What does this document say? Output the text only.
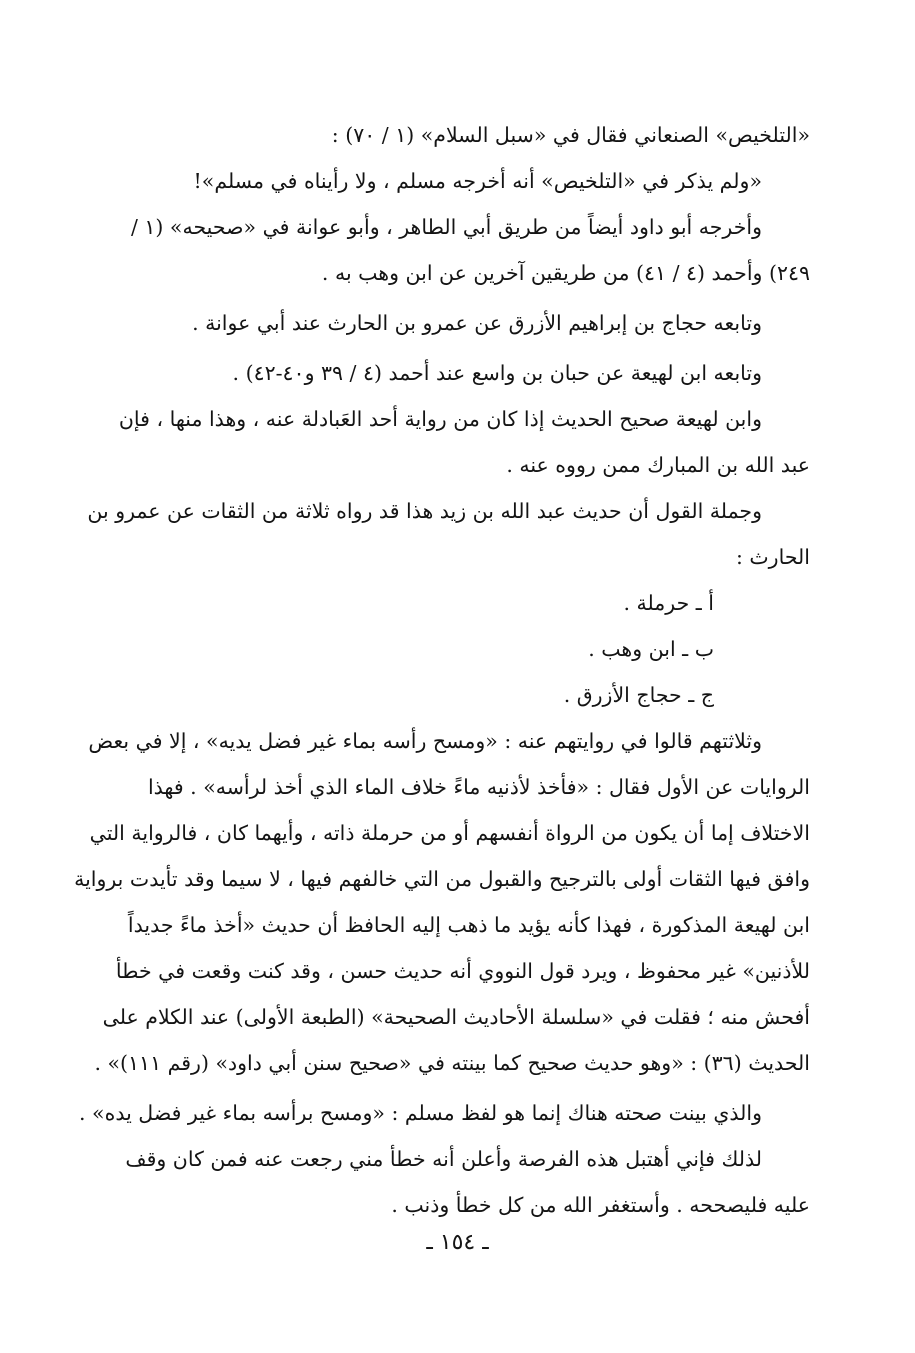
«التلخيص» الصنعاني فقال في «سبل السلام» (١ / ٧٠) :
«ولم يذكر في «التلخيص» أنه أخرجه مسلم ، ولا رأيناه في مسلم»!
وأخرجه أبو داود أيضاً من طريق أبي الطاهر ، وأبو عوانة في «صحيحه» (١ /
٢٤٩) وأحمد (٤ / ٤١) من طريقين آخرين عن ابن وهب به .
وتابعه حجاج بن إبراهيم الأزرق عن عمرو بن الحارث عند أبي عوانة .
وتابعه ابن لهيعة عن حبان بن واسع عند أحمد (٤ / ٣٩ و٤٠-٤٢) .
وابن لهيعة صحيح الحديث إذا كان من رواية أحد العَبادلة عنه ، وهذا منها ، فإن
عبد الله بن المبارك ممن رووه عنه .
وجملة القول أن حديث عبد الله بن زيد هذا قد رواه ثلاثة من الثقات عن عمرو بن
الحارث :
أ ـ حرملة .
ب ـ ابن وهب .
ج ـ حجاج الأزرق .
وثلاثتهم قالوا في روايتهم عنه : «ومسح رأسه بماء غير فضل يديه» ، إلا في بعض
الروايات عن الأول فقال : «فأخذ لأذنيه ماءً خلاف الماء الذي أخذ لرأسه» . فهذا
الاختلاف إما أن يكون من الرواة أنفسهم أو من حرملة ذاته ، وأيهما كان ، فالرواية التي
وافق فيها الثقات أولى بالترجيح والقبول من التي خالفهم فيها ، لا سيما وقد تأيدت برواية
ابن لهيعة المذكورة ، فهذا كأنه يؤيد ما ذهب إليه الحافظ أن حديث «أخذ ماءً جديداً
للأذنين» غير محفوظ ، ويرد قول النووي أنه حديث حسن ، وقد كنت وقعت في خطأ
أفحش منه ؛ فقلت في «سلسلة الأحاديث الصحيحة» (الطبعة الأولى) عند الكلام على
الحديث (٣٦) : «وهو حديث صحيح كما بينته في «صحيح سنن أبي داود» (رقم ١١١)» .
والذي بينت صحته هناك إنما هو لفظ مسلم : «ومسح برأسه بماء غير فضل يده» .
لذلك فإني أهتبل هذه الفرصة وأعلن أنه خطأ مني رجعت عنه فمن كان وقف
عليه فليصححه . وأستغفر الله من كل خطأ وذنب .
ـ ١٥٤ ـ
